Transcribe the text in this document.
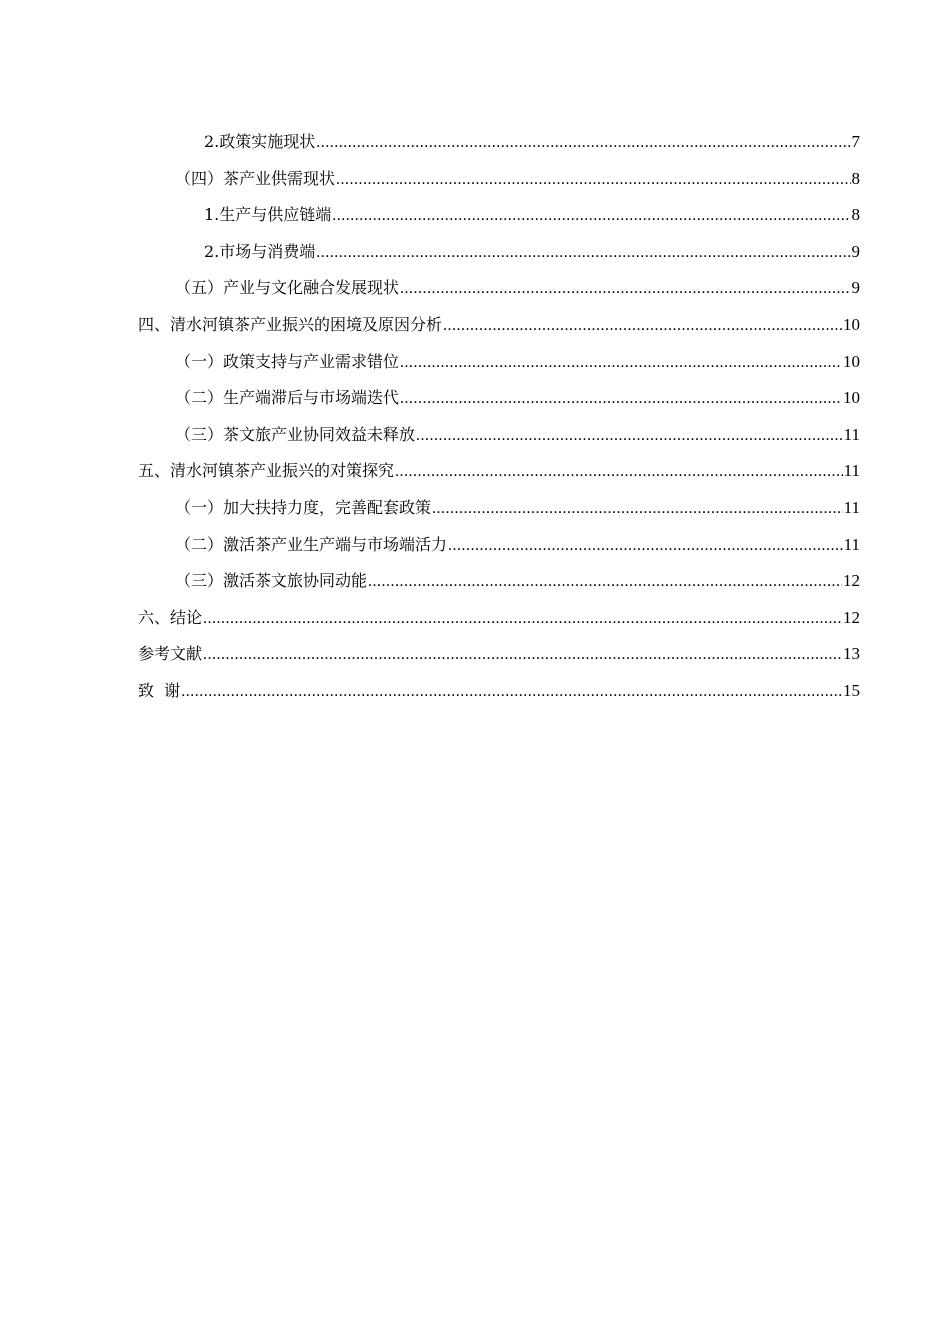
2.政策实施现状 .....	7
（四）茶产业供需现状 .....	8
1.生产与供应链端 .....	8
2.市场与消费端 .....	9
（五）产业与文化融合发展现状 .....	9
四、清水河镇茶产业振兴的困境及原因分析 .....	10
（一）政策支持与产业需求错位 .....	10
（二）生产端滞后与市场端迭代 .....	10
（三）茶文旅产业协同效益未释放 .....	11
五、清水河镇茶产业振兴的对策探究 .....	11
（一）加大扶持力度，完善配套政策 .....	11
（二）激活茶产业生产端与市场端活力 .....	11
（三）激活茶文旅协同动能 .....	12
六、结论 .....	12
参考文献 .....	13
致  谢 .....	15
